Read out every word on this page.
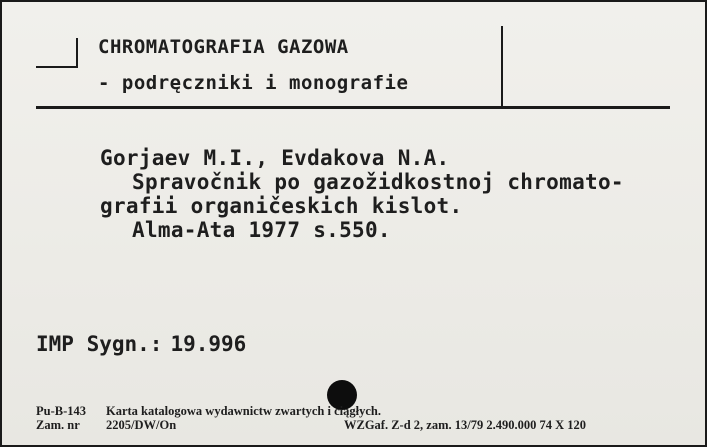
CHROMATOGRAFIA GAZOWA
- podręczniki i monografie
Gorjaev M.I., Evdakova N.A.
Spravočnik po gazožidkostnoj chromato-
grafii organičeskich kislot.
Alma-Ata 1977 s.550.
IMP Sygn.: 19.996
Pu-B-143 Karta katalogowa wydawnictw zwartych i ciągłych.
Zam. nr 2205/DW/On	WZGaf. Z-d 2, zam. 13/79 2.490.000 74 X 120
